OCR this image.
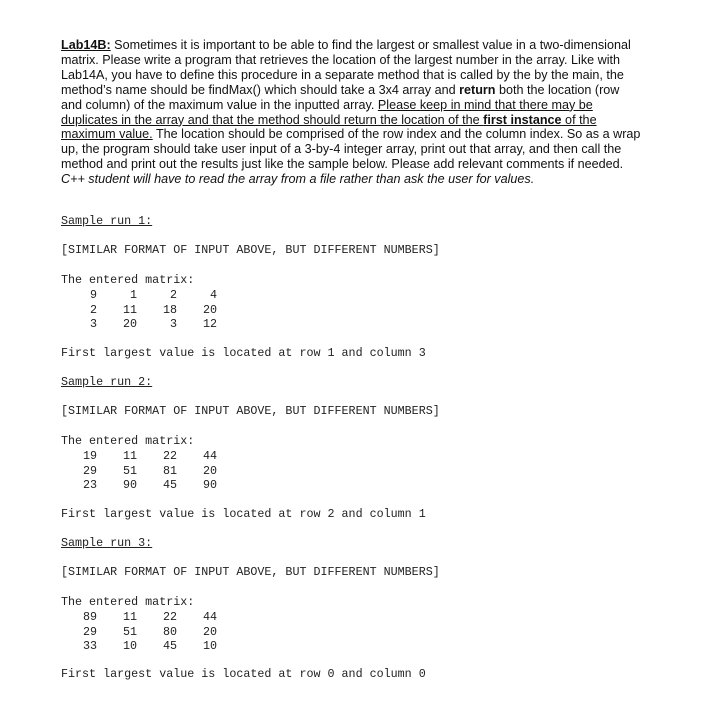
Lab14B: Sometimes it is important to be able to find the largest or smallest value in a two-dimensional matrix. Please write a program that retrieves the location of the largest number in the array. Like with Lab14A, you have to define this procedure in a separate method that is called by the by the main, the method’s name should be findMax() which should take a 3x4 array and return both the location (row and column) of the maximum value in the inputted array. Please keep in mind that there may be duplicates in the array and that the method should return the location of the first instance of the maximum value. The location should be comprised of the row index and the column index. So as a wrap up, the program should take user input of a 3-by-4 integer array, print out that array, and then call the method and print out the results just like the sample below. Please add relevant comments if needed. C++ student will have to read the array from a file rather than ask the user for values.

Sample run 1:
[SIMILAR FORMAT OF INPUT ABOVE, BUT DIFFERENT NUMBERS]
The entered matrix:
9	1	2	4
2	11	18	20
3	20	3	12
First largest value is located at row 1 and column 3
Sample run 2:
[SIMILAR FORMAT OF INPUT ABOVE, BUT DIFFERENT NUMBERS]
The entered matrix:
19	11	22	44
29	51	81	20
23	90	45	90
First largest value is located at row 2 and column 1
Sample run 3:
[SIMILAR FORMAT OF INPUT ABOVE, BUT DIFFERENT NUMBERS]
The entered matrix:
89	11	22	44
29	51	80	20
33	10	45	10
First largest value is located at row 0 and column 0
